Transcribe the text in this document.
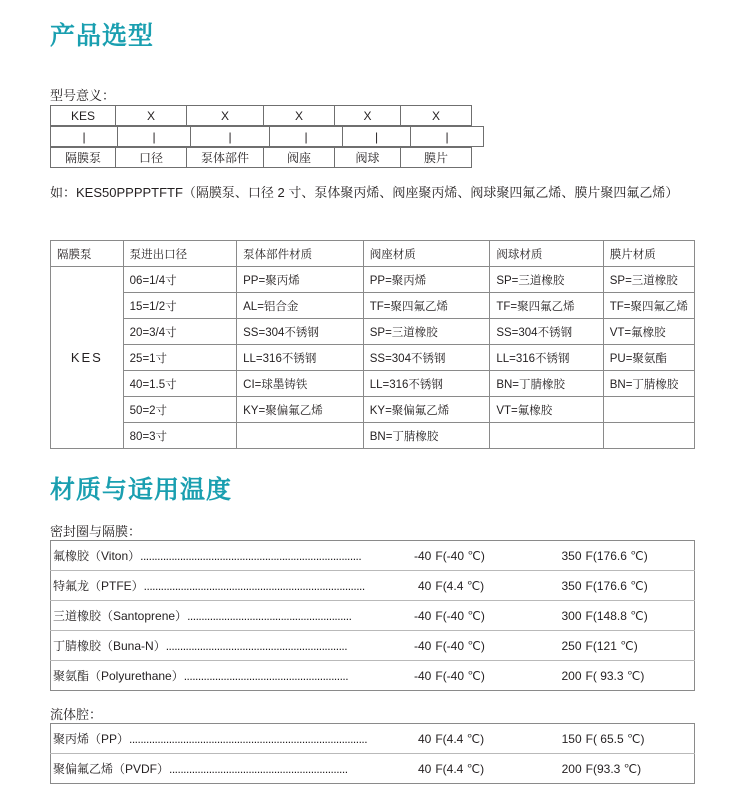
产品选型
型号意义：
KES	X	X	X	X	X
|	|	|	|	|	|
隔膜泵	口径	泵体部件	阀座	阀球	膜片
如：KES50PPPPTFTF（隔膜泵、口径 2 寸、泵体聚丙烯、阀座聚丙烯、阀球聚四氟乙烯、膜片聚四氟乙烯）
隔膜泵	泵进出口径	泵体部件材质	阀座材质	阀球材质	膜片材质
KES	06=1/4寸	PP=聚丙烯	PP=聚丙烯	SP=三道橡胶	SP=三道橡胶
	15=1/2寸	AL=铝合金	TF=聚四氟乙烯	TF=聚四氟乙烯	TF=聚四氟乙烯
	20=3/4寸	SS=304不锈钢	SP=三道橡胶	SS=304不锈钢	VT=氟橡胶
	25=1寸	LL=316不锈钢	SS=304不锈钢	LL=316不锈钢	PU=聚氨酯
	40=1.5寸	CI=球墨铸铁	LL=316不锈钢	BN=丁腈橡胶	BN=丁腈橡胶
	50=2寸	KY=聚偏氟乙烯	KY=聚偏氟乙烯	VT=氟橡胶	
	80=3寸		BN=丁腈橡胶		
材质与适用温度
密封圈与隔膜：
氟橡胶（Viton）..............................................................................	-40	F(-40 ℃)	350	F(176.6 ℃)
特氟龙（PTFE）..............................................................................	40	F(4.4 ℃)	350	F(176.6 ℃)
三道橡胶（Santoprene）..........................................................	-40	F(-40 ℃)	300	F(148.8 ℃)
丁腈橡胶（Buna-N）................................................................	-40	F(-40 ℃)	250	F(121 ℃)
聚氨酯（Polyurethane）..........................................................	-40	F(-40 ℃)	200	F( 93.3 ℃)
流体腔：
聚丙烯（PP）....................................................................................	40	F(4.4 ℃)	150	F( 65.5 ℃)
聚偏氟乙烯（PVDF）...............................................................	40	F(4.4 ℃)	200	F(93.3 ℃)
